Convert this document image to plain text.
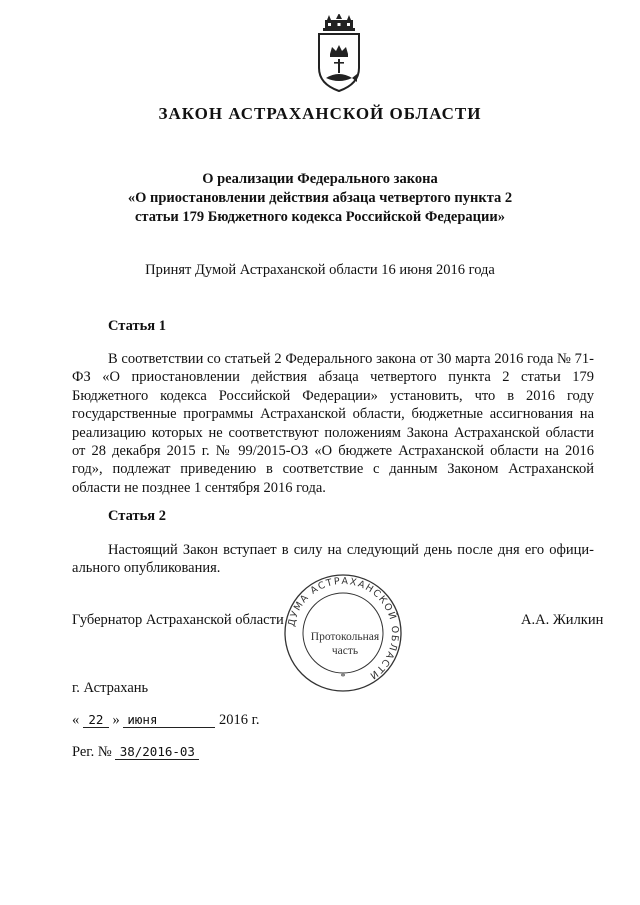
ЗАКОН АСТРАХАНСКОЙ ОБЛАСТИ
О реализации Федерального закона
«О приостановлении действия абзаца четвертого пункта 2
статьи 179 Бюджетного кодекса Российской Федерации»
Принят Думой Астраханской области 16 июня 2016 года
Статья 1
В соответствии со статьей 2 Федерального закона от 30 марта 2016 года № 71-ФЗ «О приостановлении действия абзаца четвертого пункта 2 статьи 179 Бюджетного кодекса Российской Федерации» установить, что в 2016 году государственные программы Астраханской области, бюджетные ассигнования на реализацию которых не соответствуют положениям Закона Астраханской области от 28 декабря 2015 г. № 99/2015-ОЗ «О бюджете Астраханской области на 2016 год», подлежат приведению в соответствие с данным Законом Астраханской области не позднее 1 сентября 2016 года.
Статья 2
Настоящий Закон вступает в силу на следующий день после дня его официального опубликования.
Губернатор Астраханской области	А.А. Жилкин
ДУМА АСТРАХАНСКОЙ ОБЛАСТИ
*
Протокольная
часть
г. Астрахань
« 22 » июня	2016 г.
Рег. № 38/2016-03
